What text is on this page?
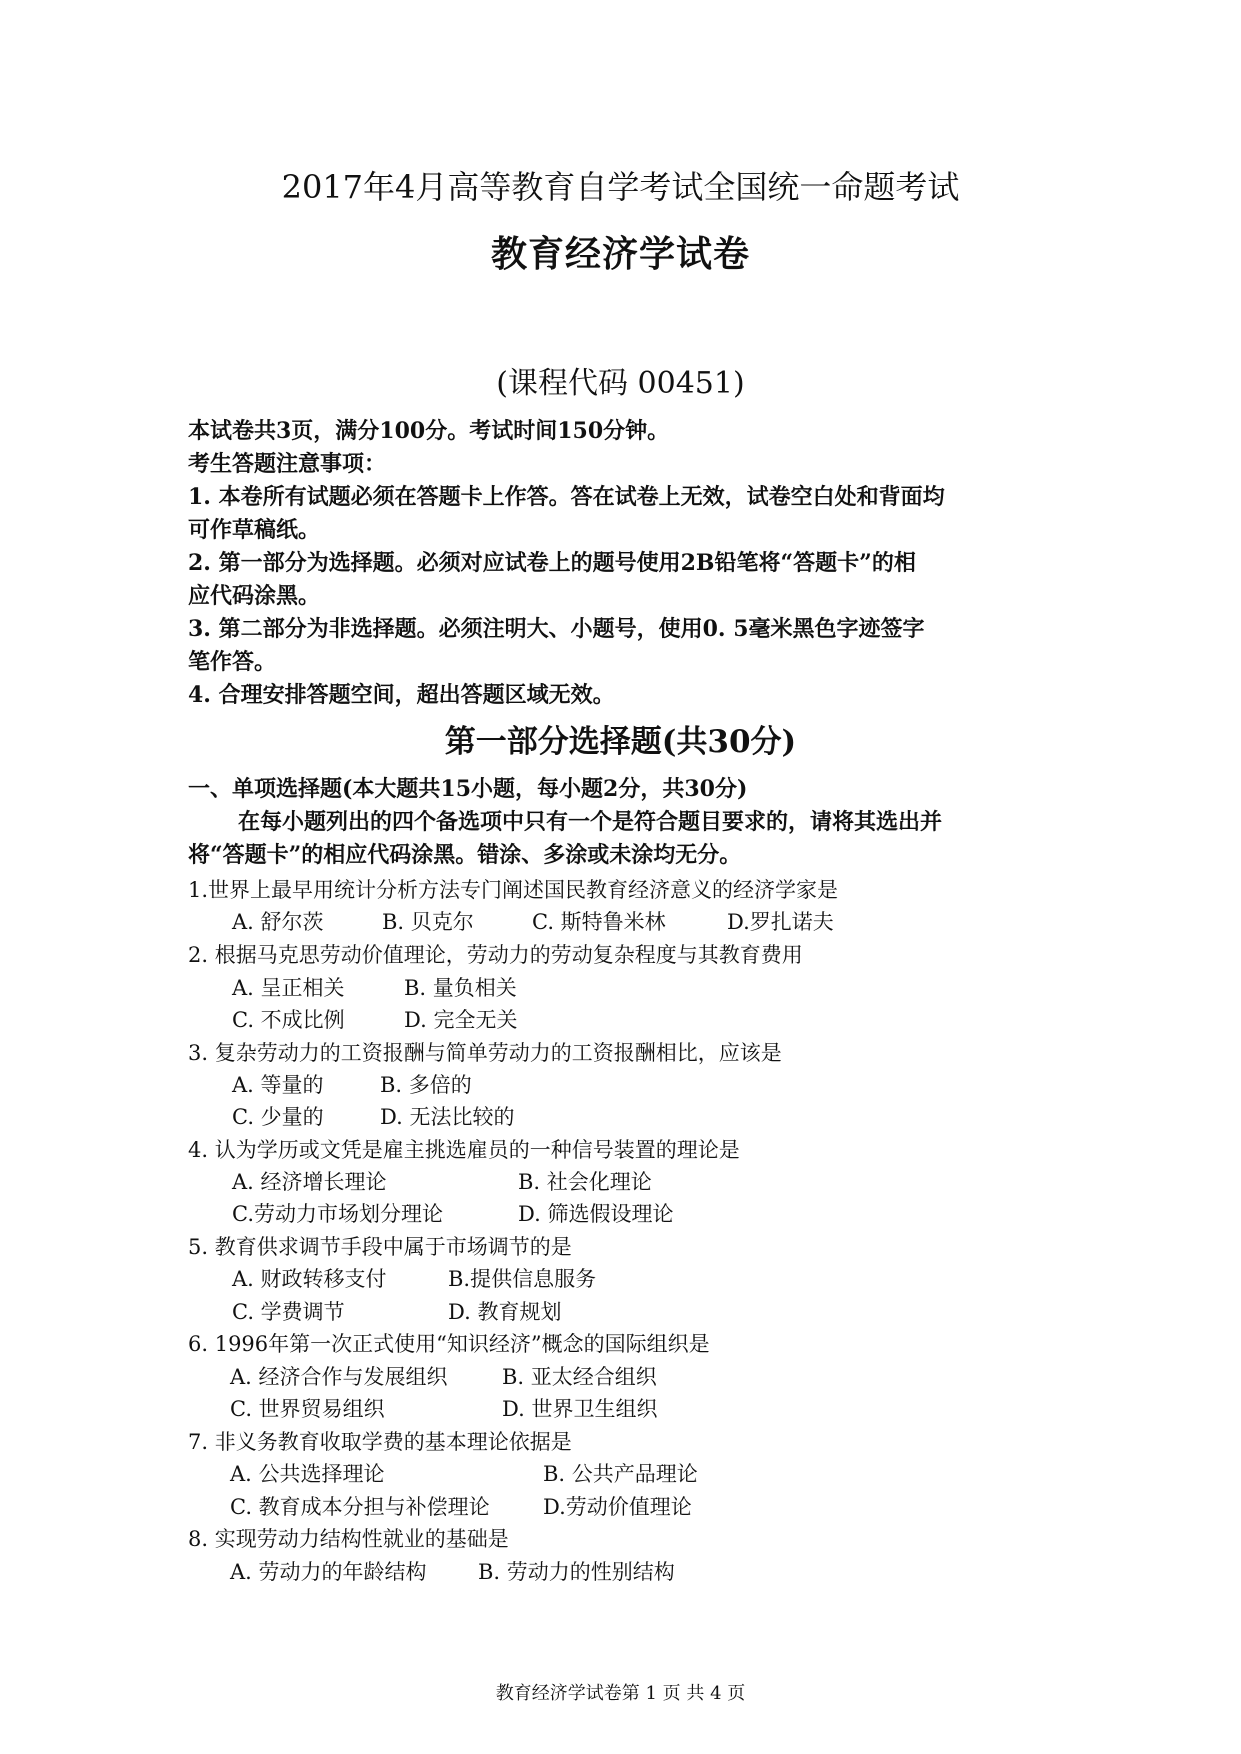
2017年4月高等教育自学考试全国统一命题考试
教育经济学试卷
(课程代码 00451)
本试卷共3页，满分100分。考试时间150分钟。
考生答题注意事项：
1. 本卷所有试题必须在答题卡上作答。答在试卷上无效，试卷空白处和背面均
可作草稿纸。
2. 第一部分为选择题。必须对应试卷上的题号使用2B铅笔将“答题卡”的相
应代码涂黑。
3. 第二部分为非选择题。必须注明大、小题号，使用0. 5毫米黑色字迹签字
笔作答。
4. 合理安排答题空间，超出答题区域无效。
第一部分选择题(共30分)
一、单项选择题(本大题共15小题，每小题2分，共30分)
在每小题列出的四个备选项中只有一个是符合题目要求的，请将其选出并
将“答题卡”的相应代码涂黑。错涂、多涂或未涂均无分。
1.世界上最早用统计分析方法专门阐述国民教育经济意义的经济学家是
A. 舒尔茨	B. 贝克尔	C. 斯特鲁米林	D.罗扎诺夫
2. 根据马克思劳动价值理论，劳动力的劳动复杂程度与其教育费用
A. 呈正相关	B. 量负相关
C. 不成比例	D. 完全无关
3. 复杂劳动力的工资报酬与简单劳动力的工资报酬相比，应该是
A. 等量的	B. 多倍的
C. 少量的	D. 无法比较的
4. 认为学历或文凭是雇主挑选雇员的一种信号装置的理论是
A. 经济增长理论	B. 社会化理论
C.劳动力市场划分理论	D. 筛选假设理论
5. 教育供求调节手段中属于市场调节的是
A. 财政转移支付	B.提供信息服务
C. 学费调节	D. 教育规划
6. 1996年第一次正式使用“知识经济”概念的国际组织是
A. 经济合作与发展组织	B. 亚太经合组织
C. 世界贸易组织	D. 世界卫生组织
7. 非义务教育收取学费的基本理论依据是
A. 公共选择理论	B. 公共产品理论
C. 教育成本分担与补偿理论	D.劳动价值理论
8. 实现劳动力结构性就业的基础是
A. 劳动力的年龄结构 B. 劳动力的性别结构
教育经济学试卷第 1 页 共 4 页
